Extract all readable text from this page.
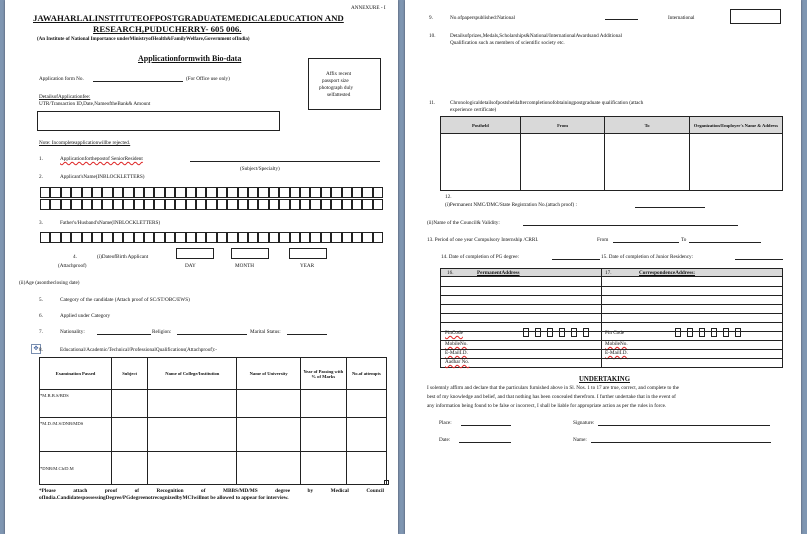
ANNEXURE - I
JAWAHARLALINSTITUTEOFPOSTGRADUATEMEDICALEDUCATION AND
RESEARCH,PUDUCHERRY- 605 006.
(An Institute of National Importance underMinistryofHealth&FamilyWelfare,Government ofIndia)
Applicationformwith Bio-data
Affix recent
passport size
photograph duly
selfattested
Application form No.	(For Office use only)
DetailsofApplicationfee:
UTR/Transaction ID,Date,NameoftheBank& Amount
Note: Incompleteapplicationwillbe rejected.
1.	Applicationforthepostof SeniorResident
(Subject/Specialty)
2.	Applicant'sName(INBLOCKLETTERS)
3.	Father's/Husband'sName(INBLOCKLETTERS)
4.	(i)DateofBirth Applicant
(Attachproof)	DAY	MONTH	YEAR
(ii)Age (asontheclosing date)
5.	Category of the candidate (Attach proof of SC/ST/OBC/EWS)
6.	Applied under Category
7.	Nationality:	Religion:	Marital Status:
✥ 8.	Educational/Academic/Technical/ProfessionalQualifications(Attachproof):-
Examination Passed	Subject	Name of College/Institution	Name of University	Year of Passing with % of Marks	No.of attempts
*M.B.B.S/BDS					
*M.D./M.S/DNB/MDS					
*DNB/M.Ch/D.M					
*Please attach proof of Recognition of MBBS/MD/MS degree by Medical Council ofIndia.CandidatespossessingDegree/PGdegreenotrecognizedbyMCIwillnot be allowed to appear for interview.
9.	No.ofpaperspublished:National	International
10.	Detailsofprizes,Medals,Scholarships&National/InternationalAwardsand Additional
Qualification such as members of scientific society etc.
11.	Chronologicaldetailsofpostsheldaftercompletionofobtainingpostgraduate qualification (attach
experience certificate)
Postheld	From	To	Organization/Employer's Name & Address

12.
(i)Permanent NMC/DMC/State Registration No.(attach proof) :
(ii)Name of the Council& Validity:
13. Period of one year Compulsory Internship /CRRI.	From	To
14. Date of completion of PG degree:	15. Date of completion of Junior Residency:
16.	PermanentAddress	17.	CorrespondenceAddress:
PinCode	Pin Code
MobileNo.	MobileNo.
E-MailI.D.	E-MailI.D.
Aadhar No.
UNDERTAKING
I solemnly affirm and declare that the particulars furnished above in Sl. Nos. 1 to 17 are true, correct, and complete to the
best of my knowledge and belief, and that nothing has been concealed therefrom. I further undertake that in the event of
any information being found to be false or incorrect, I shall be liable for appropriate action as per the rules in force.
Place:	Signature:
Date:	Name:
